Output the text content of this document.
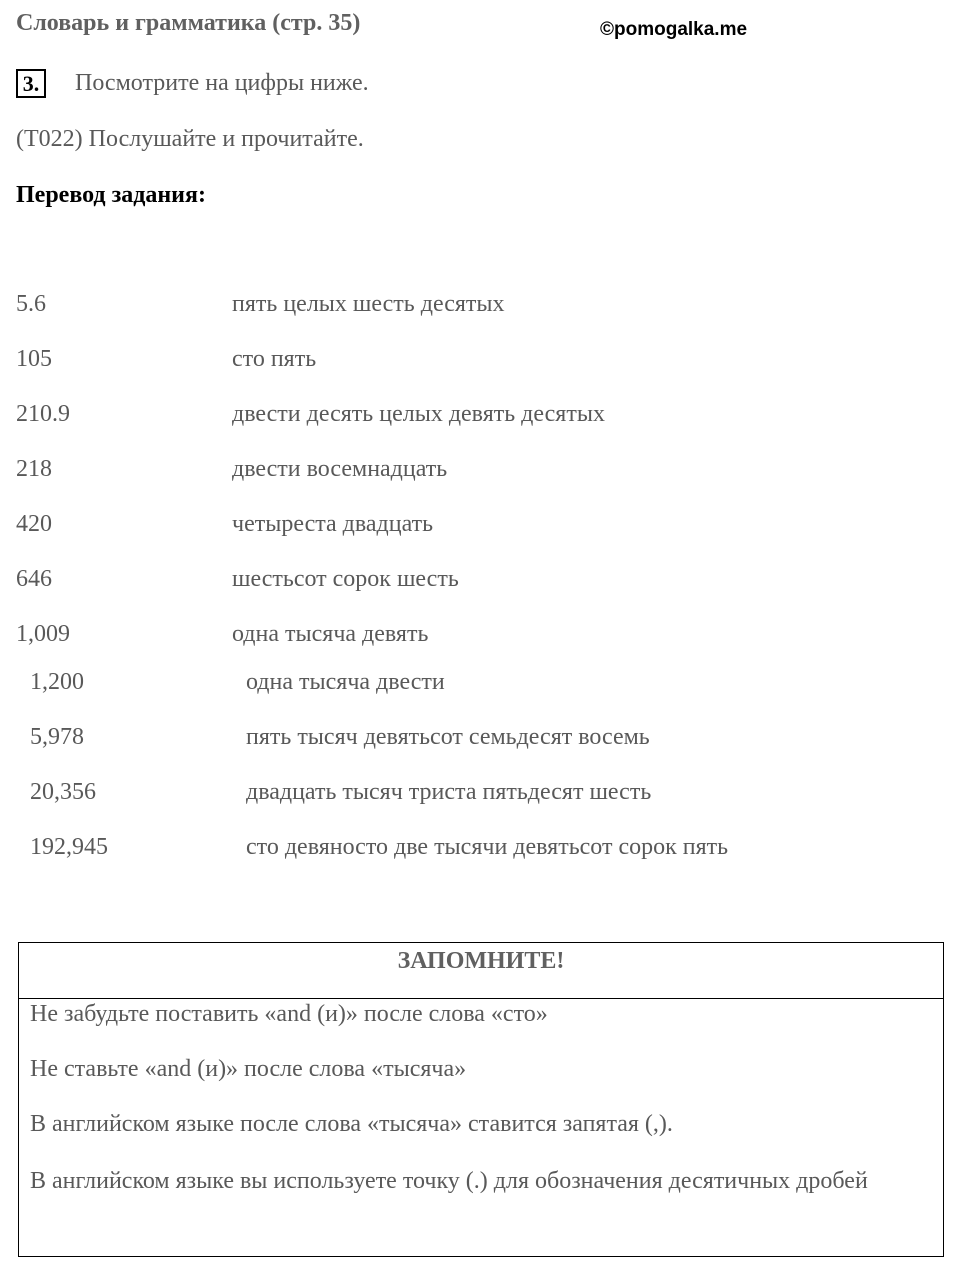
Словарь и грамматика (стр. 35)	©pomogalka.me
3. Посмотрите на цифры ниже.
(T022) Послушайте и прочитайте.
Перевод задания:
5.6	пять целых шесть десятых
105	сто пять
210.9	двести десять целых девять десятых
218	двести восемнадцать
420	четыреста двадцать
646	шестьсот сорок шесть
1,009	одна тысяча девять
1,200	одна тысяча двести
5,978	пять тысяч девятьсот семьдесят восемь
20,356	двадцать тысяч триста пятьдесят шесть
192,945	сто девяносто две тысячи девятьсот сорок пять
ЗАПОМНИТЕ!
Не забудьте поставить «and (и)» после слова «сто»
Не ставьте «and (и)» после слова «тысяча»
В английском языке после слова «тысяча» ставится запятая (,).
В английском языке вы используете точку (.) для обозначения десятичных дробей
